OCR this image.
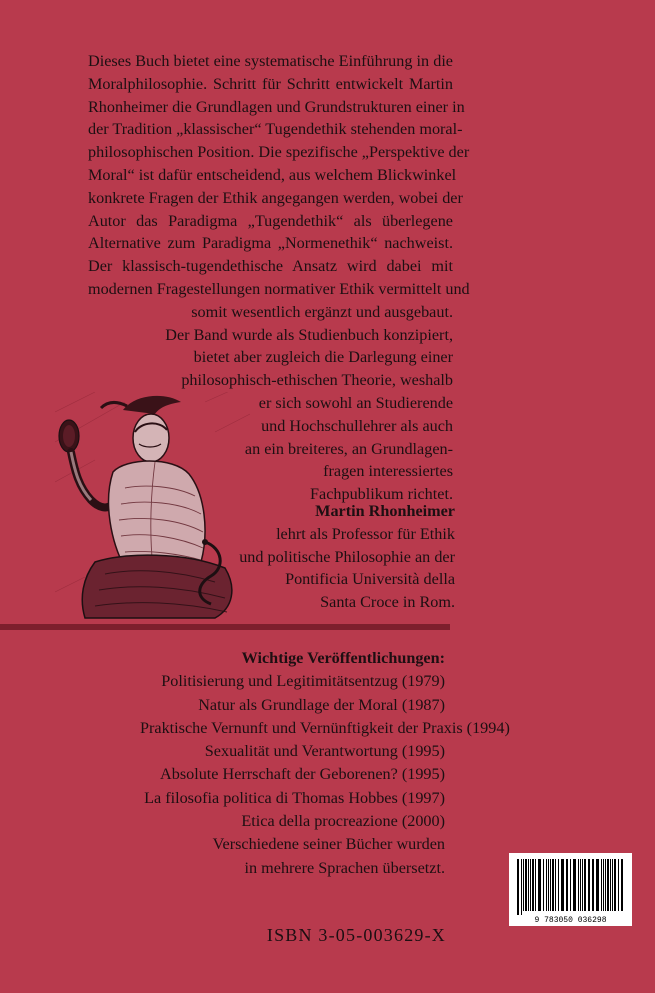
Dieses Buch bietet eine systematische Einführung in die
Moralphilosophie. Schritt für Schritt entwickelt Martin
Rhonheimer die Grundlagen und Grundstrukturen einer in
der Tradition „klassischer“ Tugendethik stehenden moral-
philosophischen Position. Die spezifische „Perspektive der
Moral“ ist dafür entscheidend, aus welchem Blickwinkel
konkrete Fragen der Ethik angegangen werden, wobei der
Autor das Paradigma „Tugendethik“ als überlegene
Alternative zum Paradigma „Normenethik“ nachweist.
Der klassisch-tugendethische Ansatz wird dabei mit
modernen Fragestellungen normativer Ethik vermittelt und
somit wesentlich ergänzt und ausgebaut.
Der Band wurde als Studienbuch konzipiert,
bietet aber zugleich die Darlegung einer
philosophisch-ethischen Theorie, weshalb
er sich sowohl an Studierende
und Hochschullehrer als auch
an ein breiteres, an Grundlagen-
fragen interessiertes
Fachpublikum richtet.
Martin Rhonheimer
lehrt als Professor für Ethik
und politische Philosophie an der
Pontificia Università della
Santa Croce in Rom.
Wichtige Veröffentlichungen:
Politisierung und Legitimitätsentzug (1979)
Natur als Grundlage der Moral (1987)
Praktische Vernunft und Vernünftigkeit der Praxis (1994)
Sexualität und Verantwortung (1995)
Absolute Herrschaft der Geborenen? (1995)
La filosofia politica di Thomas Hobbes (1997)
Etica della procreazione (2000)
Verschiedene seiner Bücher wurden
in mehrere Sprachen übersetzt.
9 783050 036298
ISBN 3-05-003629-X
